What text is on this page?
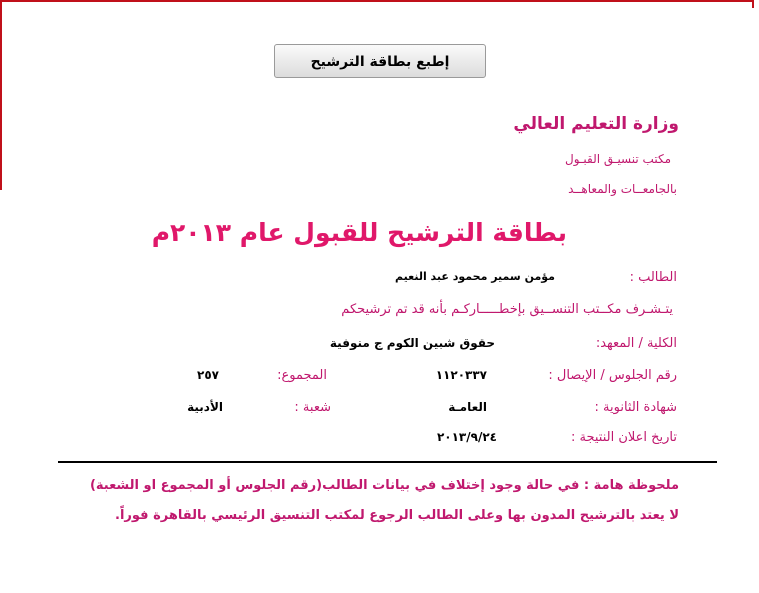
إطبع بطاقة الترشيح
وزارة التعليم العالي
مكتب تنسيـق القبـول
بالجامعــات والمعاهــد
بطاقة الترشيح للقبول عام ٢٠١٣م
الطالب :
مؤمن سمير محمود عبد النعيم
يتـشـرف مكــتب التنســيق بإخطـــــاركـم بأنه قد تم ترشيحكم
الكلية / المعهد:
حقوق شبين الكوم ج منوفية
رقم الجلوس / الإيصال :
١١٢٠٣٣٧
المجموع:
٢٥٧
شهادة الثانوية :
العامـة
شعبة :
الأدبية
تاريخ اعلان النتيجة :
٢٠١٣/٩/٢٤
ملحوظة هامة : في حالة وجود إختلاف في بيانات الطالب(رقم الجلوس أو المجموع او الشعبة)
لا يعتد بالترشيح المدون بها وعلى الطالب الرجوع لمكتب التنسيق الرئيسي بالقاهرة فوراً.
